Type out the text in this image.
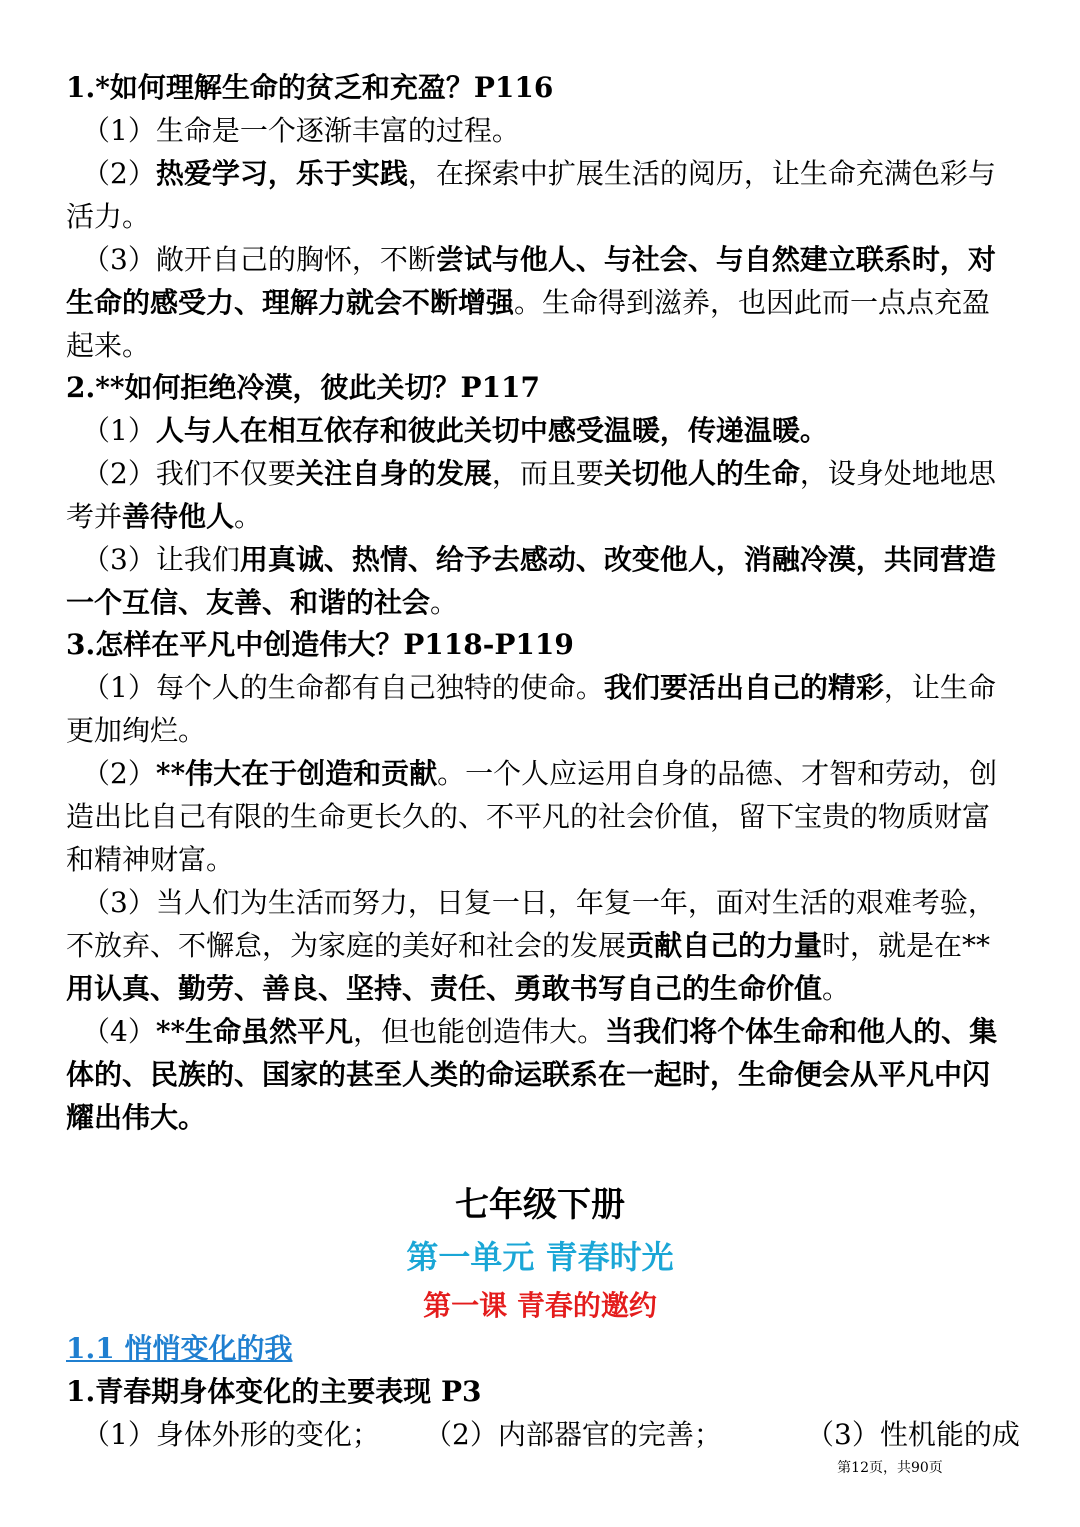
1.*如何理解生命的贫乏和充盈？P116
（1）生命是一个逐渐丰富的过程。
（2）热爱学习，乐于实践，在探索中扩展生活的阅历，让生命充满色彩与
活力。
（3）敞开自己的胸怀，不断尝试与他人、与社会、与自然建立联系时，对
生命的感受力、理解力就会不断增强。生命得到滋养，也因此而一点点充盈
起来。
2.**如何拒绝冷漠，彼此关切？P117
（1）人与人在相互依存和彼此关切中感受温暖，传递温暖。
（2）我们不仅要关注自身的发展，而且要关切他人的生命，设身处地地思
考并善待他人。
（3）让我们用真诚、热情、给予去感动、改变他人，消融冷漠，共同营造
一个互信、友善、和谐的社会。
3.怎样在平凡中创造伟大？P118-P119
（1）每个人的生命都有自己独特的使命。我们要活出自己的精彩，让生命
更加绚烂。
（2）**伟大在于创造和贡献。一个人应运用自身的品德、才智和劳动，创
造出比自己有限的生命更长久的、不平凡的社会价值，留下宝贵的物质财富
和精神财富。
（3）当人们为生活而努力，日复一日，年复一年，面对生活的艰难考验，
不放弃、不懈怠，为家庭的美好和社会的发展贡献自己的力量时，就是在**
用认真、勤劳、善良、坚持、责任、勇敢书写自己的生命价值。
（4）**生命虽然平凡，但也能创造伟大。当我们将个体生命和他人的、集
体的、民族的、国家的甚至人类的命运联系在一起时，生命便会从平凡中闪
耀出伟大。
七年级下册
第一单元 青春时光
第一课 青春的邀约
1.1 悄悄变化的我
1.青春期身体变化的主要表现 P3
（1）身体外形的变化； （2）内部器官的完善；	（3）性机能的成
第12页，共90页
